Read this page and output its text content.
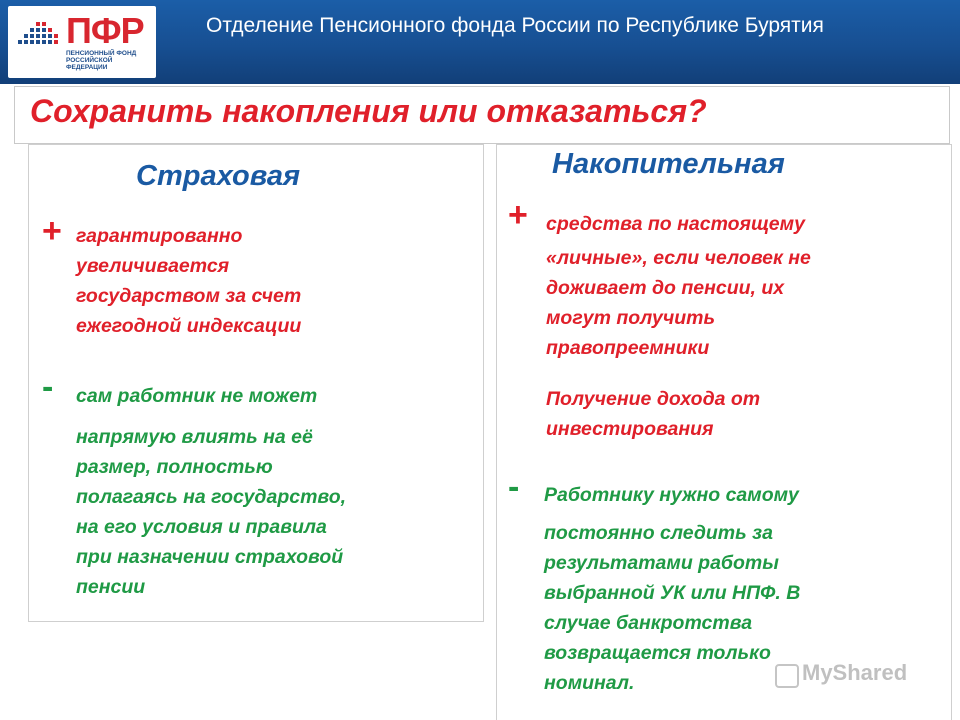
ПФР
ПЕНСИОННЫЙ ФОНД РОССИЙСКОЙ ФЕДЕРАЦИИ
Отделение Пенсионного фонда России по Республике Бурятия
Сохранить накопления или отказаться?
Страховая
+ гарантированно
увеличивается
государством за счет
ежегодной индексации
- сам работник не может
напрямую влиять на её
размер, полностью
полагаясь на государство,
на его условия и правила
при назначении страховой
пенсии
Накопительная
+ средства по настоящему
«личные», если человек не
доживает до пенсии, их
могут получить
правопреемники
Получение дохода от
инвестирования
- Работнику нужно самому
постоянно следить за
результатами работы
выбранной УК или НПФ. В
случае банкротства
возвращается только
номинал.	MyShared
